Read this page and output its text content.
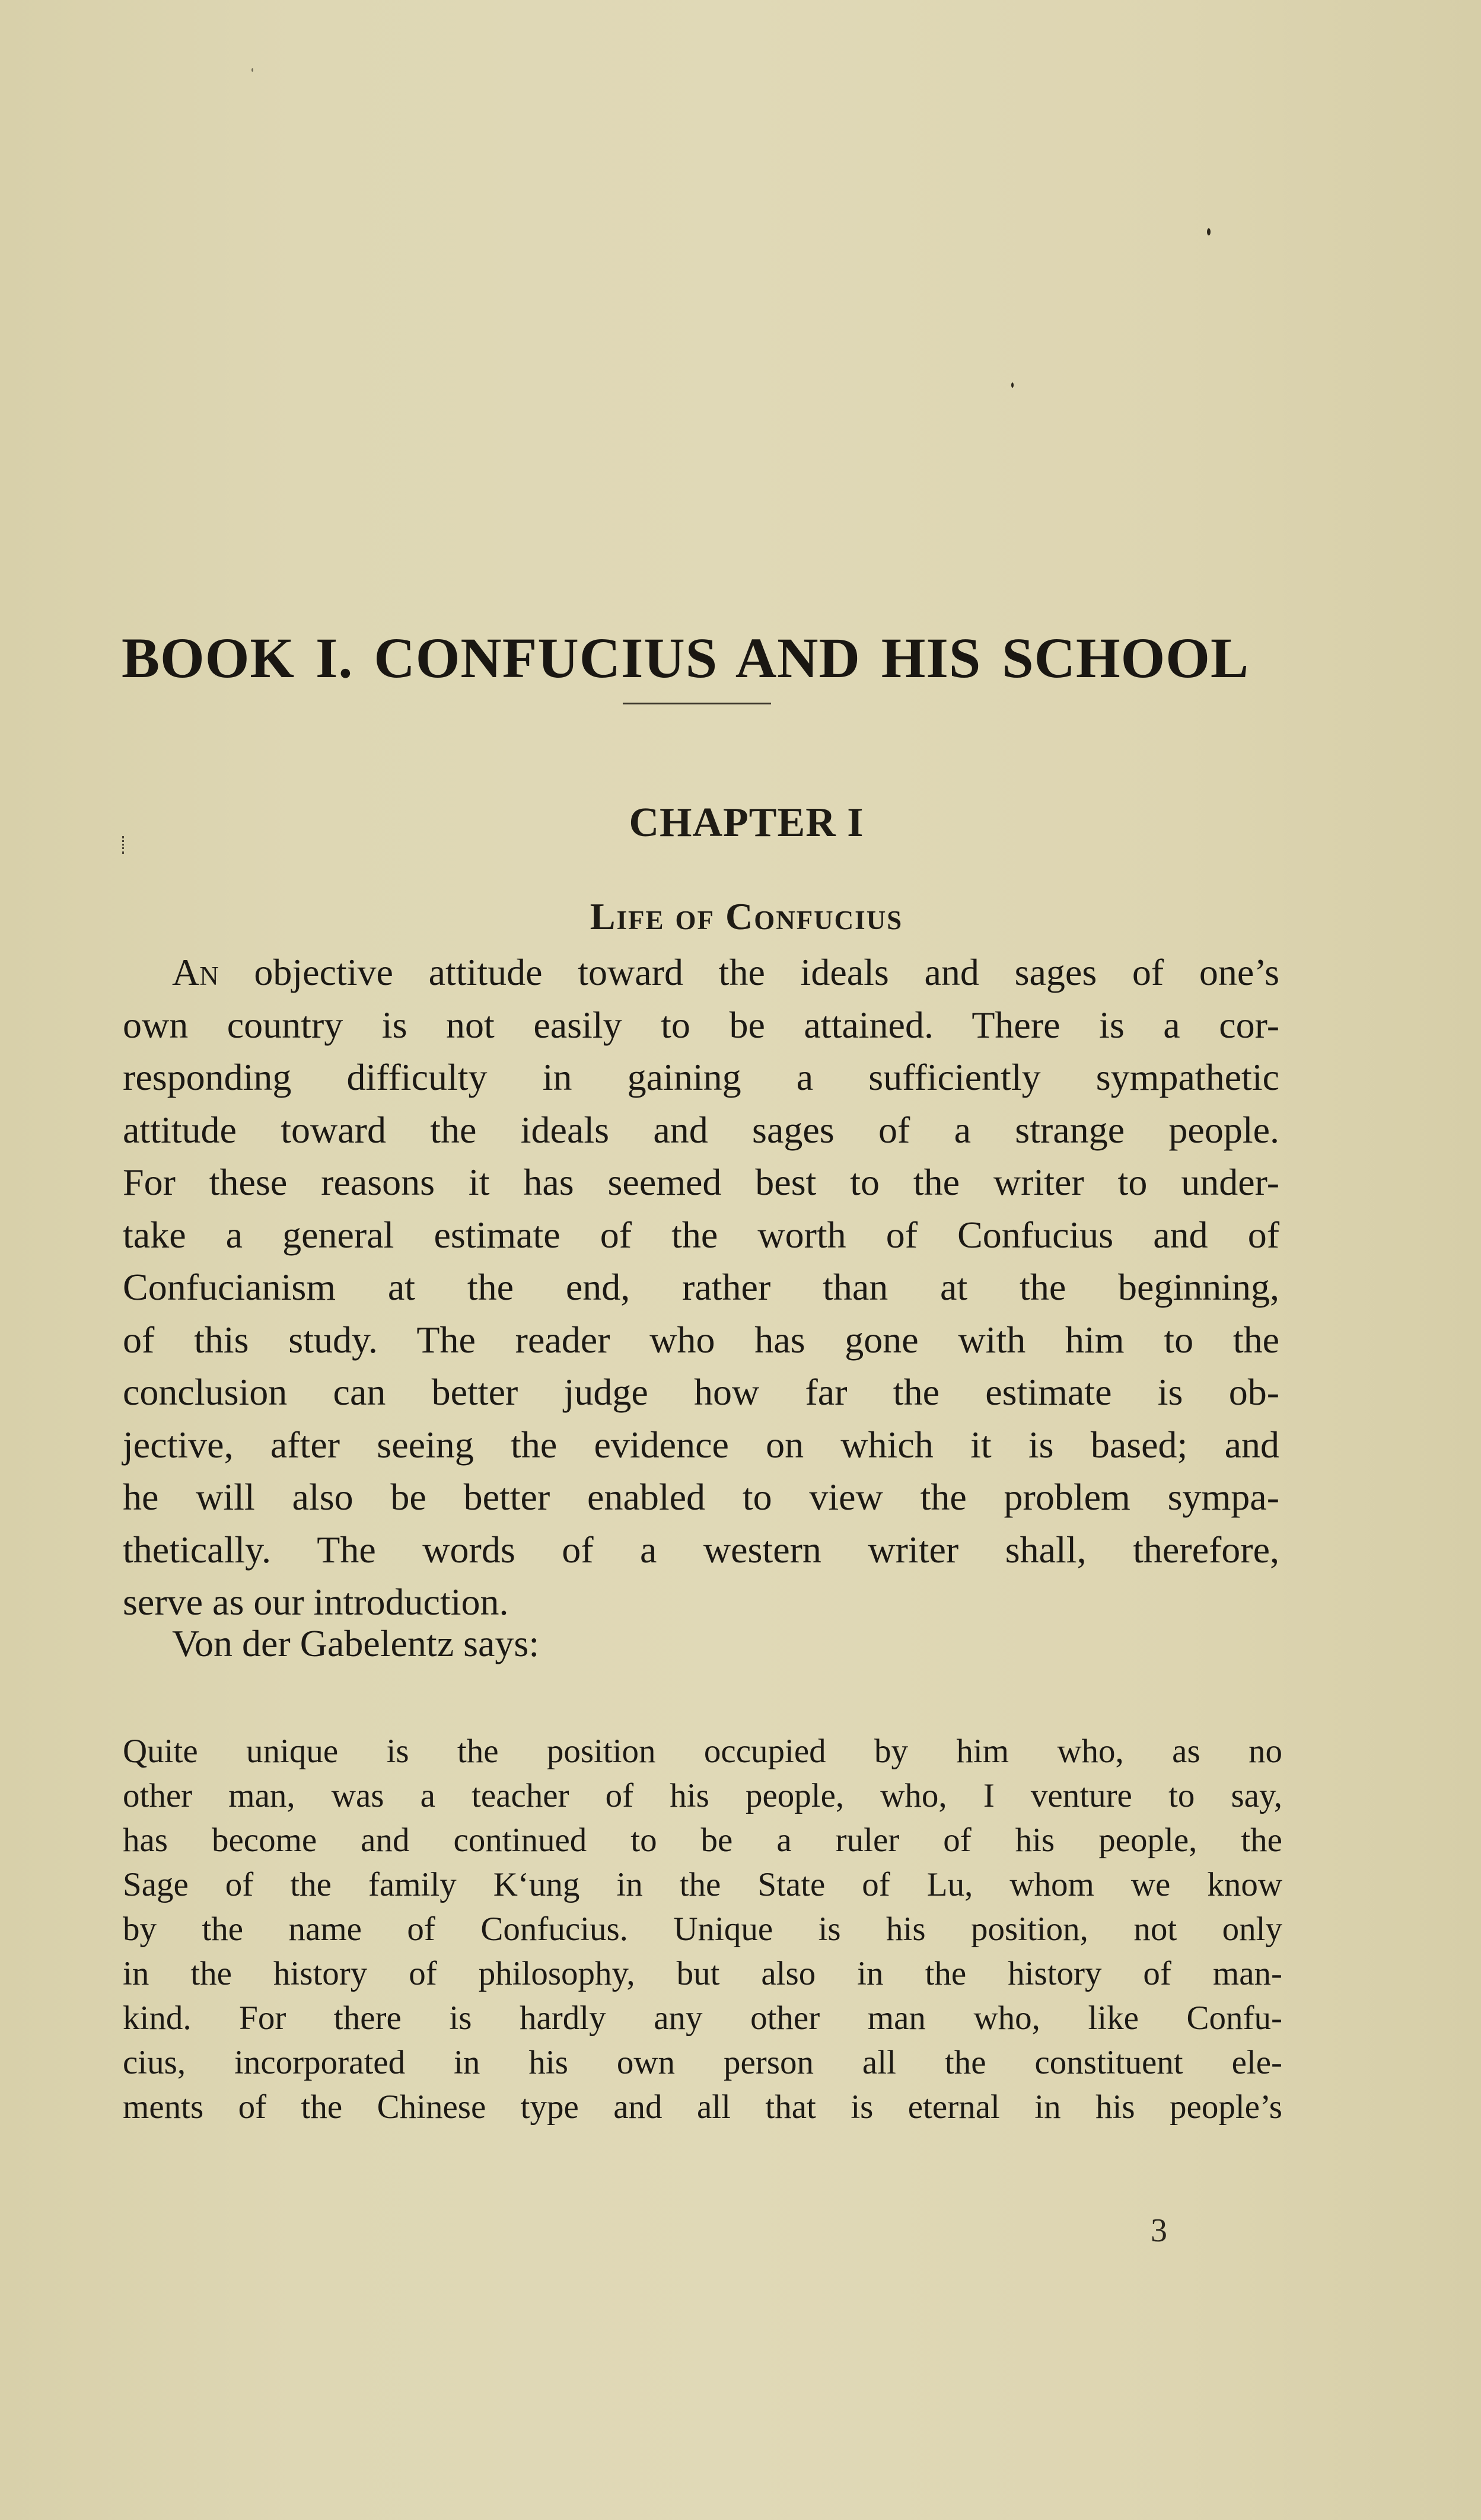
BOOK I. CONFUCIUS AND HIS SCHOOL
CHAPTER I
Life of Confucius
An objective attitude toward the ideals and sages of one’s
own country is not easily to be attained. There is a cor-
responding difficulty in gaining a sufficiently sympathetic
attitude toward the ideals and sages of a strange people.
For these reasons it has seemed best to the writer to under-
take a general estimate of the worth of Confucius and of
Confucianism at the end, rather than at the beginning,
of this study. The reader who has gone with him to the
conclusion can better judge how far the estimate is ob-
jective, after seeing the evidence on which it is based; and
he will also be better enabled to view the problem sympa-
thetically. The words of a western writer shall, therefore,
serve as our introduction.
Von der Gabelentz says:
Quite unique is the position occupied by him who, as no
other man, was a teacher of his people, who, I venture to say,
has become and continued to be a ruler of his people, the
Sage of the family K‘ung in the State of Lu, whom we know
by the name of Confucius. Unique is his position, not only
in the history of philosophy, but also in the history of man-
kind. For there is hardly any other man who, like Confu-
cius, incorporated in his own person all the constituent ele-
ments of the Chinese type and all that is eternal in his people’s
3
